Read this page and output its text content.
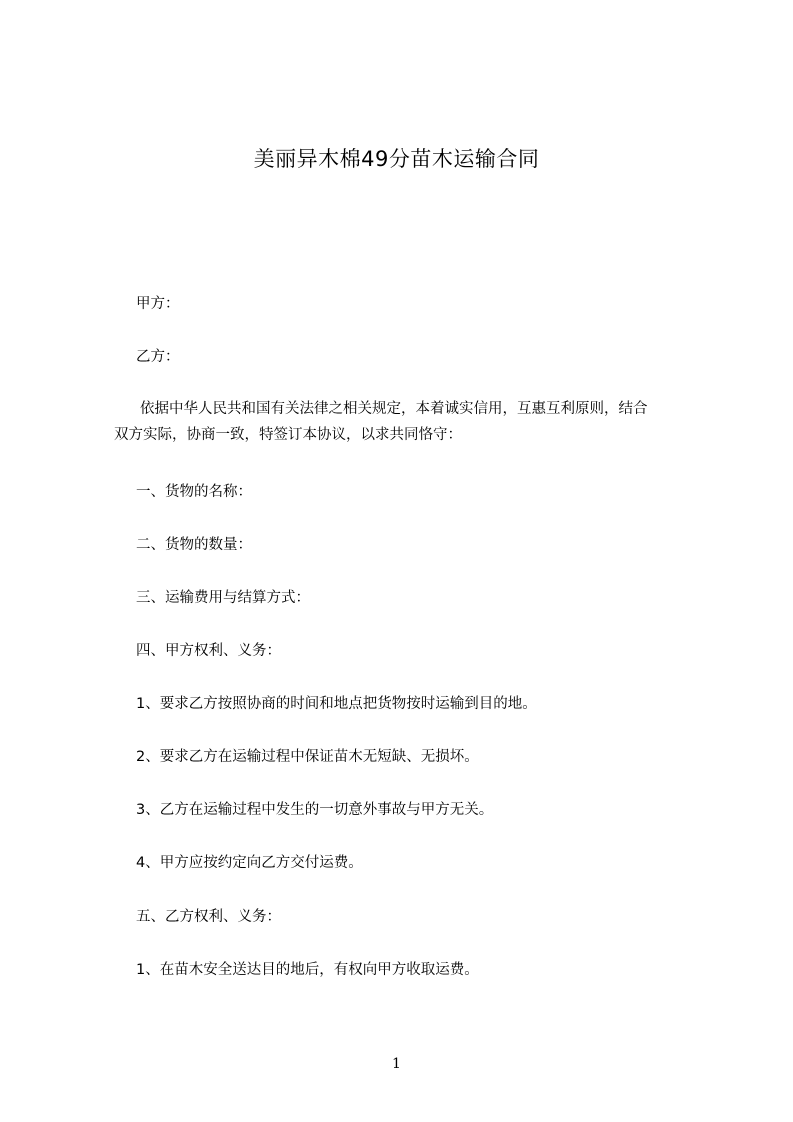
美丽异木棉49分苗木运输合同
甲方：
乙方：
依据中华人民共和国有关法律之相关规定，本着诚实信用，互惠互利原则，结合
双方实际，协商一致，特签订本协议，以求共同恪守：
一、货物的名称：
二、货物的数量：
三、运输费用与结算方式：
四、甲方权利、义务：
1、要求乙方按照协商的时间和地点把货物按时运输到目的地。
2、要求乙方在运输过程中保证苗木无短缺、无损坏。
3、乙方在运输过程中发生的一切意外事故与甲方无关。
4、甲方应按约定向乙方交付运费。
五、乙方权利、义务：
1、在苗木安全送达目的地后，有权向甲方收取运费。
1
